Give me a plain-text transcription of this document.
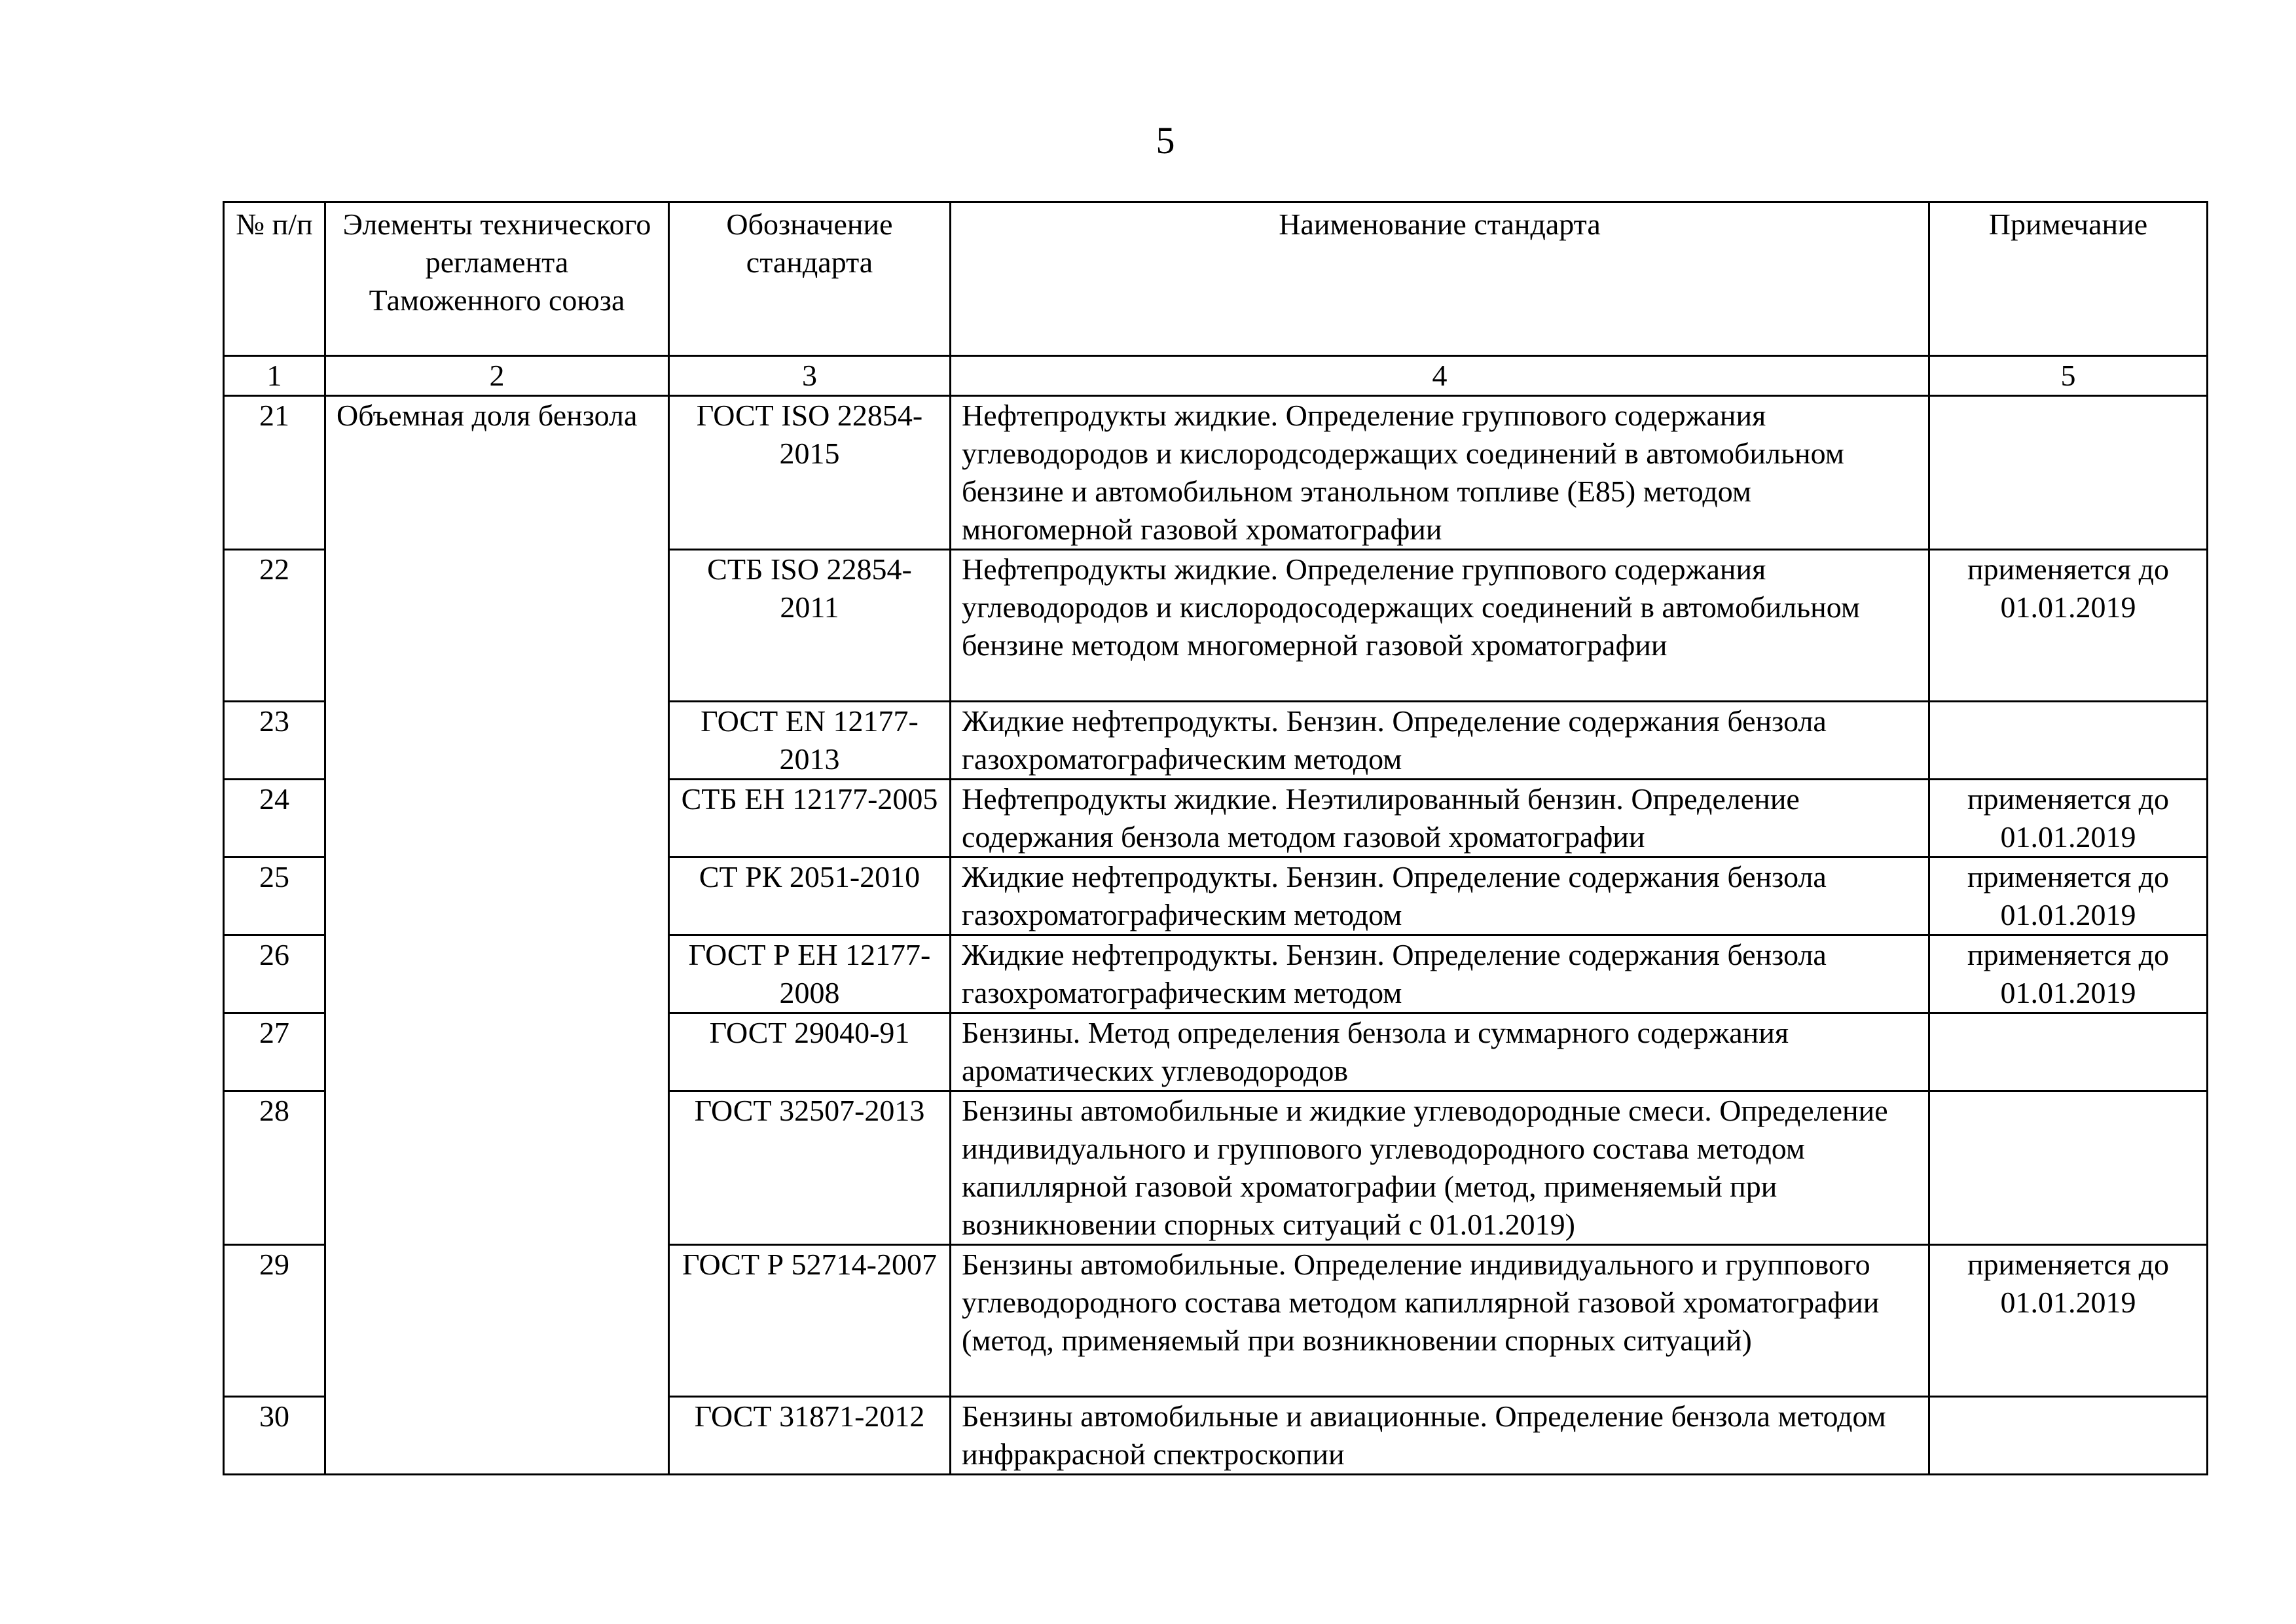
5
№ п/п	Элементы технического регламента Таможенного союза	Обозначение стандарта	Наименование стандарта	Примечание
1	2	3	4	5
21	Объемная доля бензола	ГОСТ ISO 22854-2015	Нефтепродукты жидкие. Определение группового содержания углеводородов и кислородсодержащих соединений в автомобильном бензине и автомобильном этанольном топливе (Е85) методом многомерной газовой хроматографии	
22		СТБ ISO 22854-2011	Нефтепродукты жидкие. Определение группового содержания углеводородов и кислородосодержащих соединений в автомобильном бензине методом многомерной газовой хроматографии	применяется до 01.01.2019
23		ГОСТ EN 12177-2013	Жидкие нефтепродукты. Бензин. Определение содержания бензола газохроматографическим методом	
24		СТБ ЕН 12177-2005	Нефтепродукты жидкие. Неэтилированный бензин. Определение содержания бензола методом газовой хроматографии	применяется до 01.01.2019
25		СТ РК 2051-2010	Жидкие нефтепродукты. Бензин. Определение содержания бензола газохроматографическим методом	применяется до 01.01.2019
26		ГОСТ Р ЕН 12177-2008	Жидкие нефтепродукты. Бензин. Определение содержания бензола газохроматографическим методом	применяется до 01.01.2019
27		ГОСТ 29040-91	Бензины. Метод определения бензола и суммарного содержания ароматических углеводородов	
28		ГОСТ 32507-2013	Бензины автомобильные и жидкие углеводородные смеси. Определение индивидуального и группового углеводородного состава методом капиллярной газовой хроматографии (метод, применяемый при возникновении спорных ситуаций с 01.01.2019)	
29		ГОСТ Р 52714-2007	Бензины автомобильные. Определение индивидуального и группового углеводородного состава методом капиллярной газовой хроматографии (метод, применяемый при возникновении спорных ситуаций)	применяется до 01.01.2019
30		ГОСТ 31871-2012	Бензины автомобильные и авиационные. Определение бензола методом инфракрасной спектроскопии	
